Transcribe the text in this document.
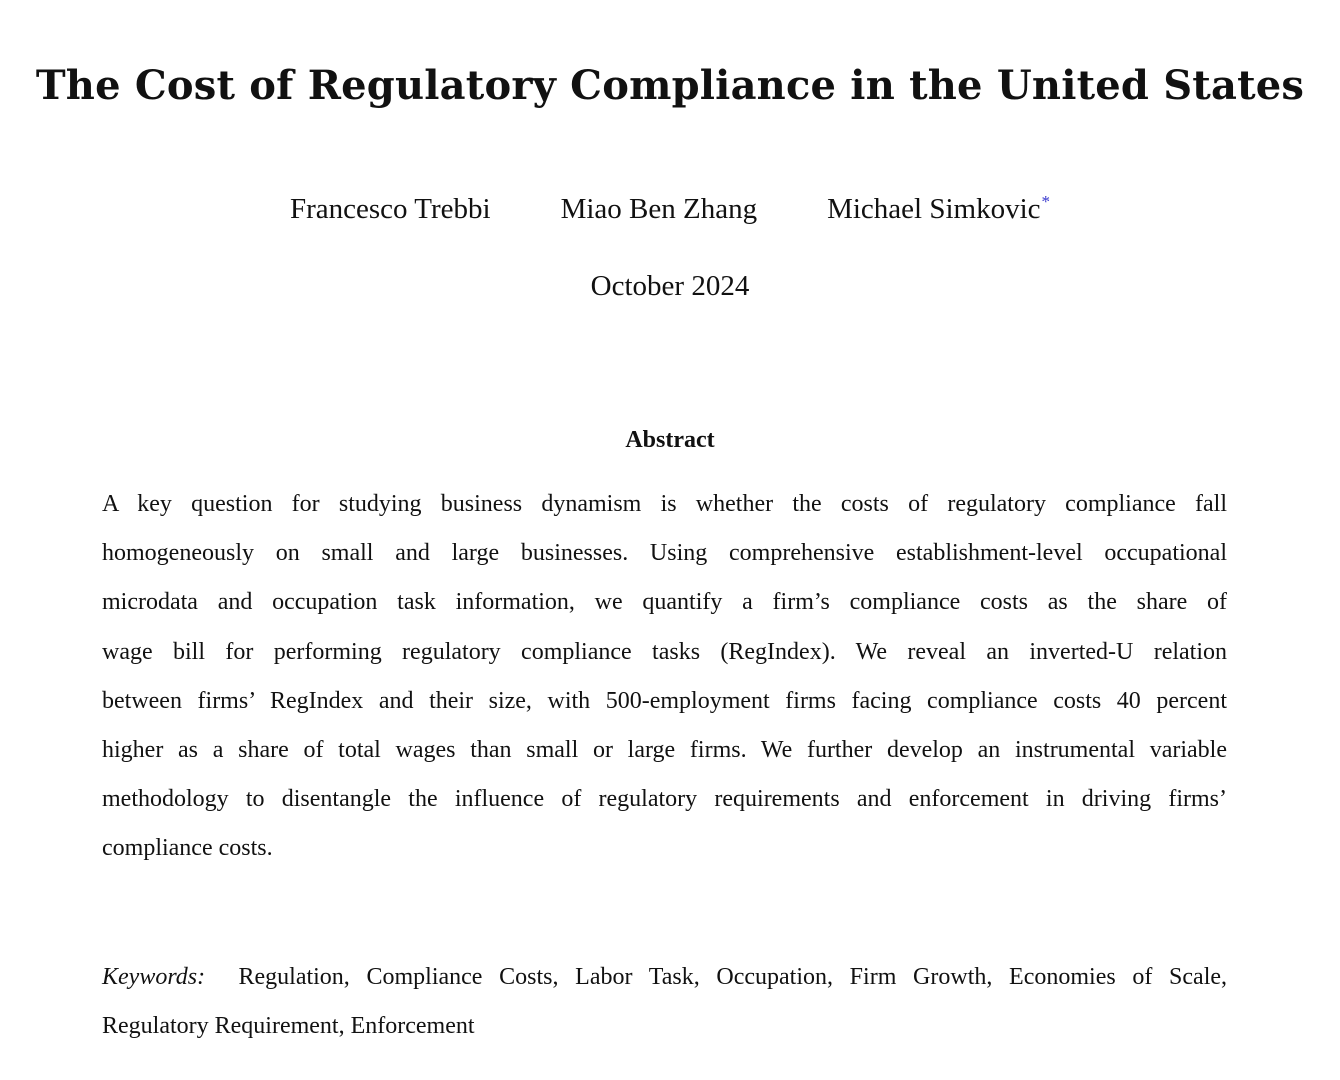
The Cost of Regulatory Compliance in the United States
Francesco Trebbi Miao Ben Zhang Michael Simkovic*
October 2024
Abstract
A key question for studying business dynamism is whether the costs of regulatory compliance fall
homogeneously on small and large businesses. Using comprehensive establishment-level occupational
microdata and occupation task information, we quantify a firm’s compliance costs as the share of
wage bill for performing regulatory compliance tasks (RegIndex). We reveal an inverted-U relation
between firms’ RegIndex and their size, with 500-employment firms facing compliance costs 40 percent
higher as a share of total wages than small or large firms. We further develop an instrumental variable
methodology to disentangle the influence of regulatory requirements and enforcement in driving firms’
compliance costs.
Keywords: Regulation, Compliance Costs, Labor Task, Occupation, Firm Growth, Economies of Scale,
Regulatory Requirement, Enforcement
